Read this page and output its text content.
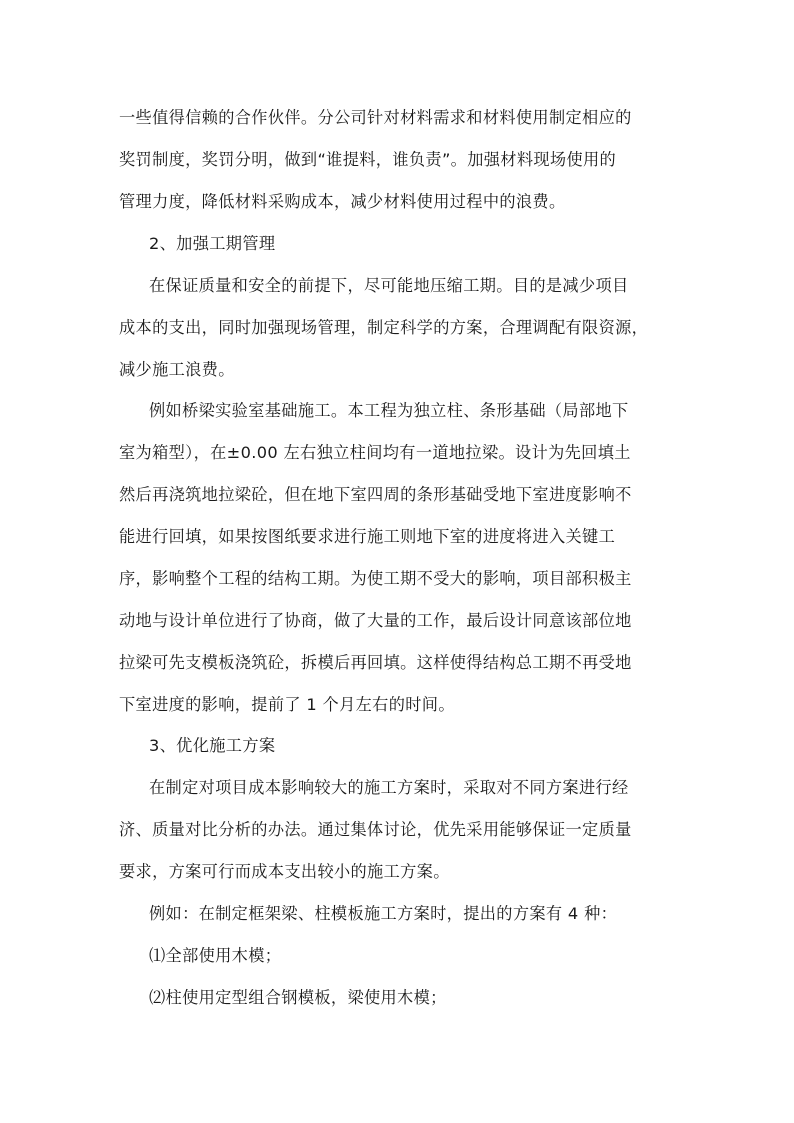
一些值得信赖的合作伙伴。分公司针对材料需求和材料使用制定相应的
奖罚制度，奖罚分明，做到“谁提料，谁负责”。加强材料现场使用的
管理力度，降低材料采购成本，减少材料使用过程中的浪费。
2、加强工期管理
在保证质量和安全的前提下，尽可能地压缩工期。目的是减少项目
成本的支出，同时加强现场管理，制定科学的方案，合理调配有限资源，
减少施工浪费。
例如桥梁实验室基础施工。本工程为独立柱、条形基础（局部地下
室为箱型），在±0.00 左右独立柱间均有一道地拉梁。设计为先回填土
然后再浇筑地拉梁砼，但在地下室四周的条形基础受地下室进度影响不
能进行回填，如果按图纸要求进行施工则地下室的进度将进入关键工
序，影响整个工程的结构工期。为使工期不受大的影响，项目部积极主
动地与设计单位进行了协商，做了大量的工作，最后设计同意该部位地
拉梁可先支模板浇筑砼，拆模后再回填。这样使得结构总工期不再受地
下室进度的影响，提前了 1 个月左右的时间。
3、优化施工方案
在制定对项目成本影响较大的施工方案时，采取对不同方案进行经
济、质量对比分析的办法。通过集体讨论，优先采用能够保证一定质量
要求，方案可行而成本支出较小的施工方案。
例如：在制定框架梁、柱模板施工方案时，提出的方案有 4 种：
⑴全部使用木模；
⑵柱使用定型组合钢模板，梁使用木模；
